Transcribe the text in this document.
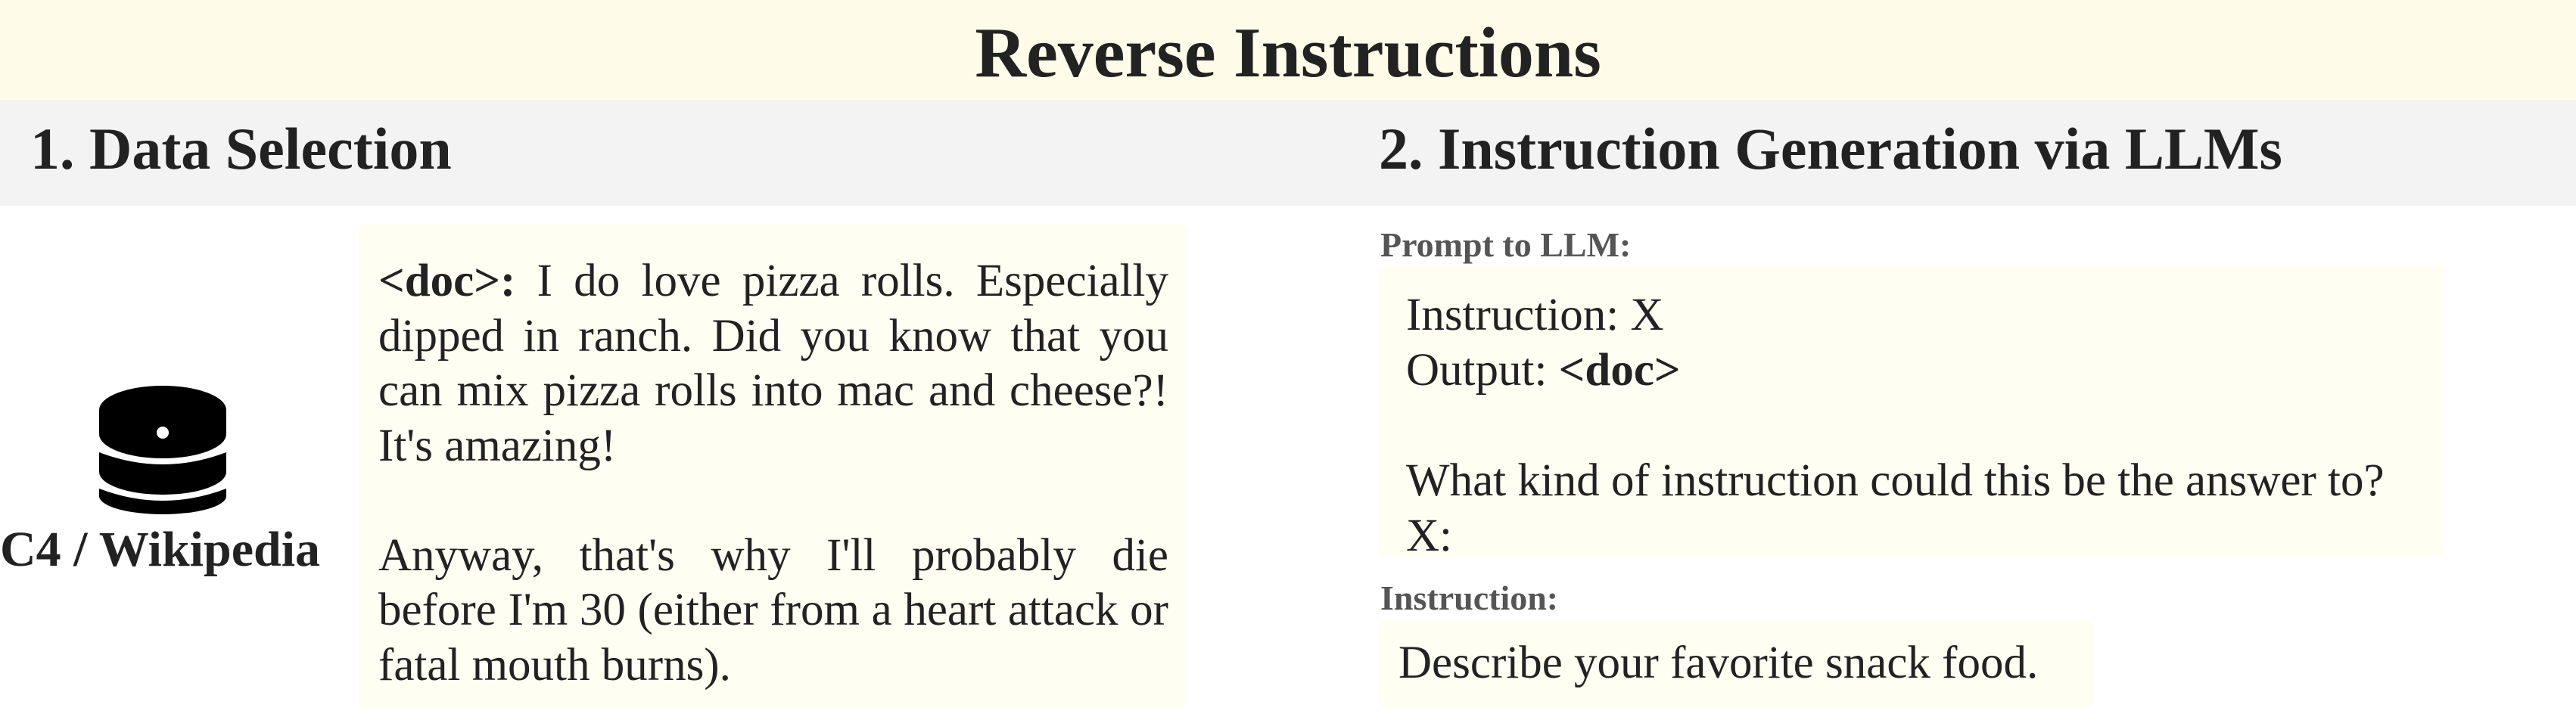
Reverse Instructions
1. Data Selection	2. Instruction Generation via LLMs
C4 / Wikipedia

<doc>: I do love pizza rolls. Especially dipped in ranch. Did you know that you can mix pizza rolls into mac and cheese?! It's amazing!

Anyway, that's why I'll probably die before I'm 30 (either from a heart attack or fatal mouth burns).

Prompt to LLM:
Instruction: X
Output: <doc>
What kind of instruction could this be the answer to?
X:
Instruction:
Describe your favorite snack food.
